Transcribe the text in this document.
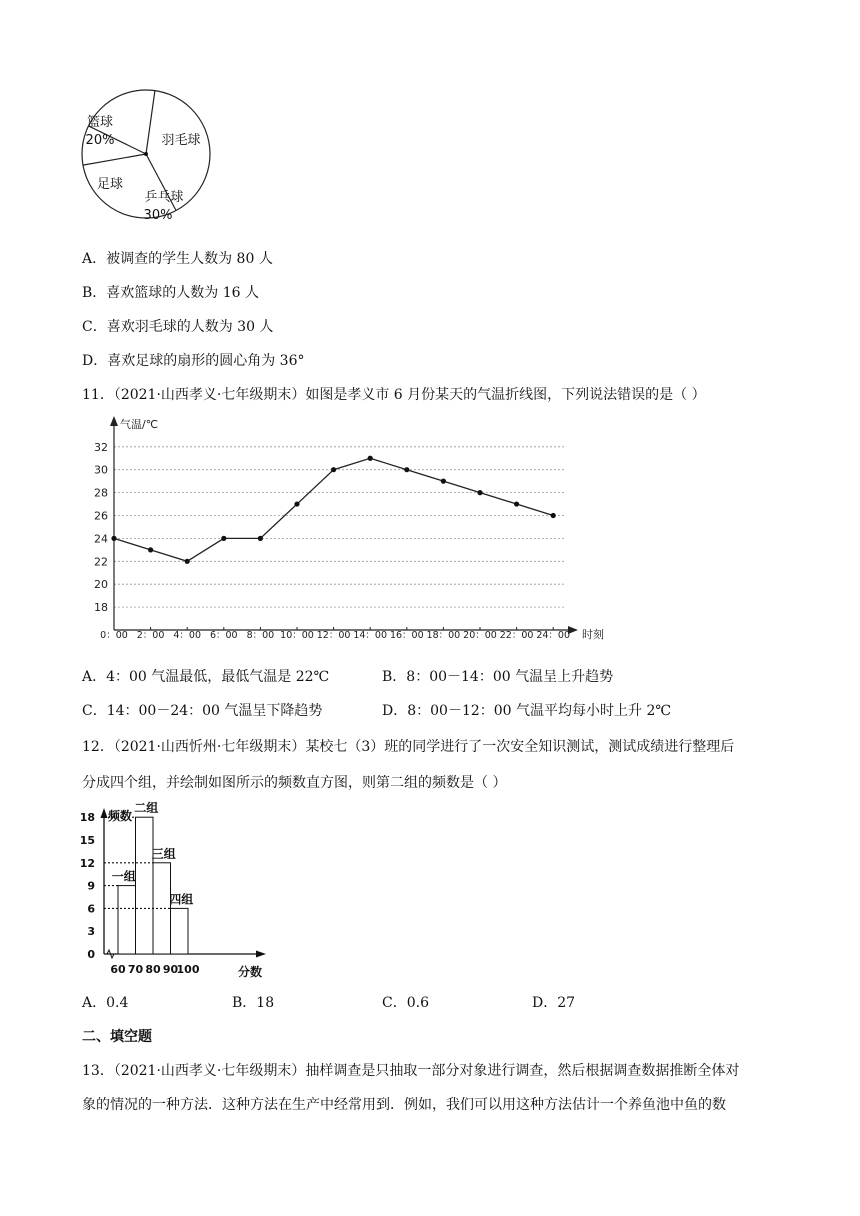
篮球
20%	羽毛球
乒乓球
30%
足球
A．被调查的学生人数为 80 人
B．喜欢篮球的人数为 16 人
C．喜欢羽毛球的人数为 30 人
D．喜欢足球的扇形的圆心角为 36°
11．（2021·山西孝义·七年级期末）如图是孝义市 6 月份某天的气温折线图，下列说法错误的是（ ）
18
20
22
24
26
28
30
32
气温/℃
时刻
0：00 2：00 4：00 6：00 8：00 10：00 12：00 14：00 16：00 18：00 20：00 22：00 24：00
A．4：00 气温最低，最低气温是 22℃	B．8：00－14：00 气温呈上升趋势
C．14：00－24：00 气温呈下降趋势	D．8：00－12：00 气温平均每小时上升 2℃
12．（2021·山西忻州·七年级期末）某校七（3）班的同学进行了一次安全知识测试，测试成绩进行整理后
分成四个组，并绘制如图所示的频数直方图，则第二组的频数是（ ）
频数
分数
0
3
6
9
12
15
18
一组
二组
三组
四组
60 70 80 90
100
A．0.4	B．18	C．0.6	D．27
二、填空题
13．（2021·山西孝义·七年级期末）抽样调查是只抽取一部分对象进行调查，然后根据调查数据推断全体对
象的情况的一种方法．这种方法在生产中经常用到．例如，我们可以用这种方法估计一个养鱼池中鱼的数
